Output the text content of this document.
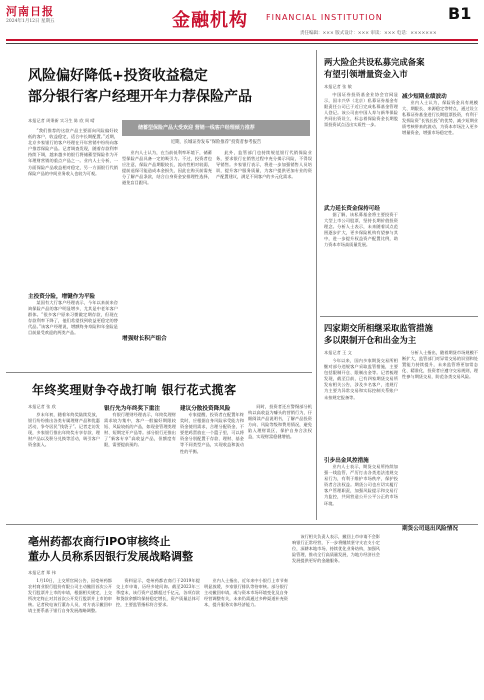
河南日报
2024年1月12日 星期五	金融机构 FINANCIAL INSTITUTION	B1
责任编辑：××× 版式设计：××× 审读：××× 电话：×××××××
风险偏好降低+投资收益稳定
部分银行客户经理开年力荐保险产品
本报记者 周秉新 实习生 陈 欣 周 晴
储蓄型保险产品大受欢迎 营销一线客户经理倾力推荐
近期，长城证券发布“保险推荐”投资者参考报告

“我们推荐的这款产品主要面向风险偏好较低的客户，收益稳定，适合中长期配置。”近期，北京多家银行的客户经理在开年营销中纷纷向客户推荐保险产品。记者调查发现，随着存款利率持续下调，越来越多的银行将储蓄型保险作为开年理财营销的重点产品之一。业内人士分析，一方面保险产品收益相对稳定，另一方面银行代销保险产品的中间业务收入也较为可观。

主投资分险，增键作为平险

某国有大行客户经理表示，今年以来前来咨询保险产品的客户明显增多，尤其是中老年客户群体。“很多客户原来习惯做定期存款，但现在存款利率下降了，他们希望找到收益更稳定的替代品。”该客户经理说，增额终身寿险和年金险是目前最受欢迎的两类产品。

业内人士认为，在当前低利率环境下，储蓄型保险产品具备一定的吸引力。不过，投资者也应注意，保险产品期限较长，流动性相对较弱，提前退保可能造成本金损失，因此在购买前需充分了解产品条款，结合自身资金安排理性选择，避免盲目跟风。

增强财长积产组合

此外，监管部门也持续规范银行代销保险业务，要求银行在销售过程中充分揭示风险，不得误导销售。多家银行表示，将进一步加强销售人员培训，提升客户服务质量，为客户提供更加专业的资产配置建议，满足不同客户的多元化需求。

年终奖理财争夺战打响 银行花式揽客
本报记者 张 欣

岁末年初，随着年终奖陆续发放，银行纷纷推出各类专属理财产品和优惠活动，争夺居民“钱袋子”。记者走访发现，多家银行推出年终奖专享存款、理财产品以及积分兑换等活动，吸引客户资金流入。

银行先为年终奖下重注

有银行理财经理表示，年终奖理财需求较为集中，客户一般偏好期限较短、风险较低的产品，如现金管理类理财、短期定开产品等。部分银行还推出了“新客专享”高收益产品，但额度有限，需要提前预约。

建议分散投资降风险

专家提醒，投资者在配置年终奖时，应根据自身风险承受能力和资金使用需求，合理分配资金，不要把鸡蛋放在一个篮子里，可以将资金分别配置于存款、理财、基金等不同类型产品，实现收益和流动性的平衡。

同时，投资者还应警惕部分机构以高收益为噱头的营销行为，仔细阅读产品说明书，了解产品投资方向、风险等级和费用情况，避免陷入理财误区，保护自身合法权益，实现财富稳健增值。

亳州药都农商行IPO审核终止
董办人员称系因银行发展战略调整
本报记者 郑 伟

1月10日，上交所官网公告，因亳州药都农村商业银行股份有限公司主动撤回首次公开发行股票并上市的申请，根据相关规定，上交所决定终止对其首次公开发行股票并上市的审核。记者致电该行董办人员，对方表示撤回申请主要系基于银行自身发展战略调整。

资料显示，亳州药都农商行于2019年提交上市申请，历经多轮问询。截至2023年三季度末，该行资产总额超过千亿元，各项存款和贷款余额均保持稳定增长，资产质量总体可控，主要监管指标符合要求。

业内人士指出，近年来中小银行上市节奏明显放缓，多家银行排队等待审核。部分银行主动撤回申请，或与资本市场环境变化及自身经营调整有关，未来仍需通过多种渠道补充资本，提升服务实体经济能力。

该行相关负责人表示，撤回上市申请不会影响银行正常经营，下一步将继续坚守支农支小定位，深耕本地市场，持续优化业务结构，加强风险管理，推动全行高质量发展，为地方经济社会发展提供更好的金融服务。

两大险企共设私募完成备案
有望引领增量资金入市
本报记者 张 敏

中国证券投资基金业协会官网显示，国丰兴华（北京）私募证券基金有限责任公司已于近日完成私募基金管理人登记。该公司由中国人寿与新华保险共同出资设立，标志着保险资金长期股票投资试点迈出实质性一步。

减少短期业绩波动

业内人士认为，保险资金具有规模大、期限长、来源稳定等特点，通过设立私募证券基金进行长期股票投资，有利于发挥险资“长钱长投”的优势，减少短期业绩考核带来的波动，为资本市场注入更多增量资金，增强市场稳定性。

武力延长资金保持可经

据了解，该私募基金将主要投资于大型上市公司股票，坚持长期价值投资理念。分析人士表示，未来随着试点范围逐步扩大，更多保险机构有望参与其中，进一步提升权益资产配置比例，助力资本市场高质量发展。

四家期交所相继采取监管措施
多以限制开仓和出金为主
本报记者 王 文

今年以来，国内多家期货交易所相继对部分违规客户采取监管措施，主要包括限制开仓、限制出金等。记者梳理发现，截至目前，已有四家期货交易所发布相关公告，涉及多名客户，违规行为主要为异常交易和实际控制关系账户未按规定报备等。

引步出金风控措施

业内人士表示，期货交易所持续加强一线监管，严厉打击各类违法违规交易行为，有利于维护市场秩序，保护投资者合法权益。期货公司也应切实履行客户管理职责，加强风险提示和交易行为监控，共同营造公开公平公正的市场环境。

期货公司退出风险情况

分析人士指出，随着期货市场规模不断扩大，监管部门对异常交易的识别和处置能力持续提升，未来监管将更加常态化、精准化，投资者应遵守交易规则，理性参与期货交易，防范各类交易风险。
